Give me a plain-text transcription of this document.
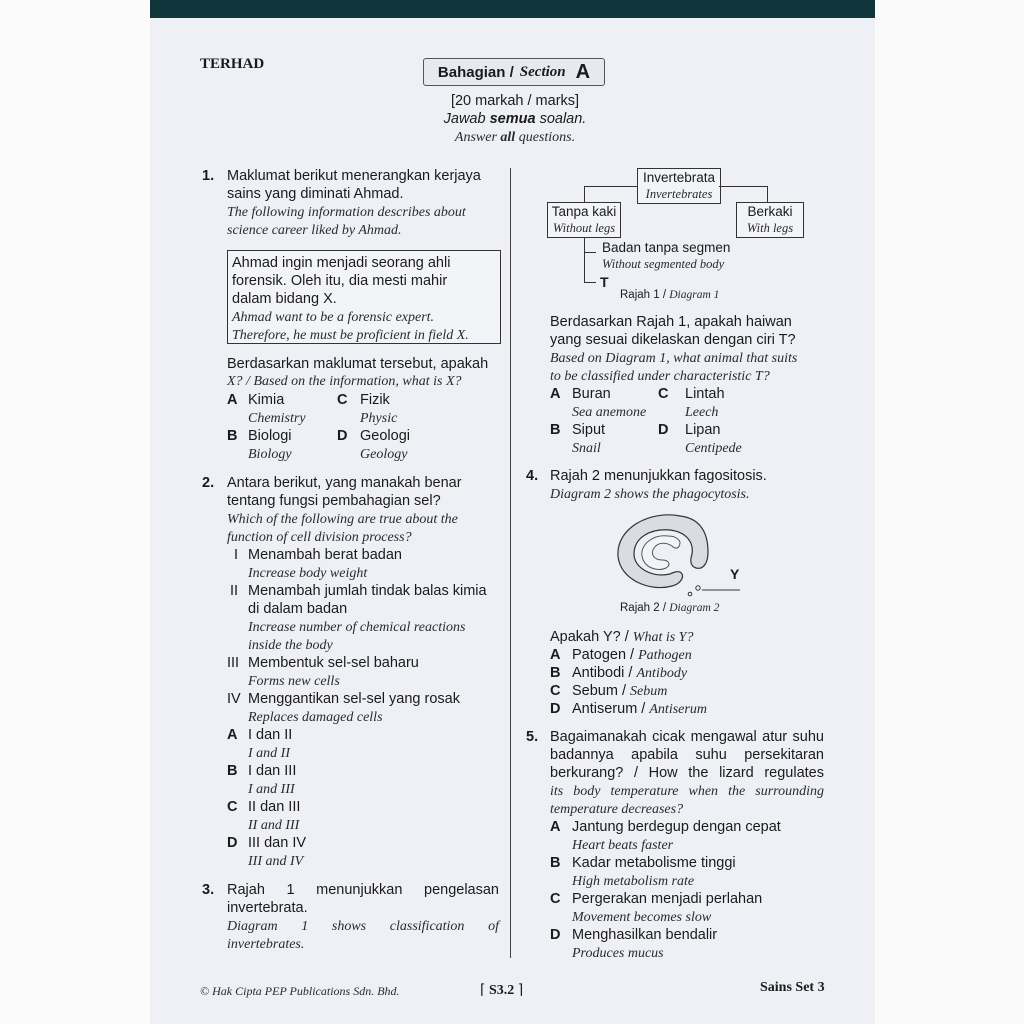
TERHAD	Bahagian / Section A
[20 markah / marks]
Jawab semua soalan.
Answer all questions.
1. Maklumat berikut menerangkan kerjaya
sains yang diminati Ahmad.
The following information describes about
science career liked by Ahmad.
Ahmad ingin menjadi seorang ahli
forensik. Oleh itu, dia mesti mahir
dalam bidang X.
Ahmad want to be a forensic expert.
Therefore, he must be proficient in field X.
Berdasarkan maklumat tersebut, apakah
X? / Based on the information, what is X?
A Kimia
Chemistry
C Fizik
Physic
B Biologi
Biology
D Geologi
Geology
2. Antara berikut, yang manakah benar
tentang fungsi pembahagian sel?
Which of the following are true about the
function of cell division process?
I Menambah berat badan
Increase body weight
II Menambah jumlah tindak balas kimia
di dalam badan
Increase number of chemical reactions
inside the body
III Membentuk sel-sel baharu
Forms new cells
IV Menggantikan sel-sel yang rosak
Replaces damaged cells
A I dan II
I and II
B I dan III
I and III
C II dan III
II and III
D III dan IV
III and IV
3. Rajah 1 menunjukkan pengelasan
invertebrata.
Diagram 1 shows classification of
invertebrates.
Invertebrata
Invertebrates
Tanpa kaki
Without legs
Berkaki
With legs
Badan tanpa segmen
Without segmented body
T
Rajah 1 / Diagram 1
Berdasarkan Rajah 1, apakah haiwan
yang sesuai dikelaskan dengan ciri T?
Based on Diagram 1, what animal that suits
to be classified under characteristic T?
A Buran
Sea anemone
C Lintah
Leech
B Siput
Snail
D Lipan
Centipede
4. Rajah 2 menunjukkan fagositosis.
Diagram 2 shows the phagocytosis.
Y
Rajah 2 / Diagram 2
Apakah Y? / What is Y?
A Patogen / Pathogen
B Antibodi / Antibody
C Sebum / Sebum
D Antiserum / Antiserum
5. Bagaimanakah cicak mengawal atur suhu
badannya apabila suhu persekitaran
berkurang? / How the lizard regulates
its body temperature when the surrounding
temperature decreases?
A Jantung berdegup dengan cepat
Heart beats faster
B Kadar metabolisme tinggi
High metabolism rate
C Pergerakan menjadi perlahan
Movement becomes slow
D Menghasilkan bendalir
Produces mucus
© Hak Cipta PEP Publications Sdn. Bhd.	⌈ S3.2 ⌉	Sains Set 3
